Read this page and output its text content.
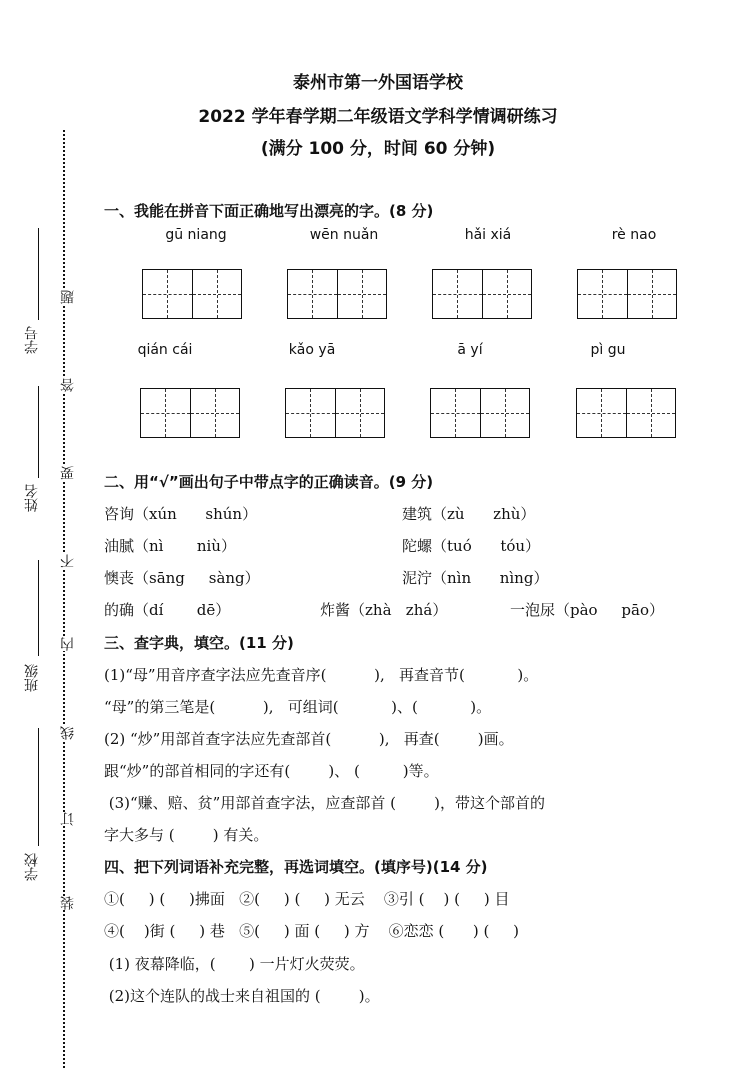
泰州市第一外国语学校
2022 学年春学期二年级语文学科学情调研练习
(满分 100 分，时间 60 分钟)
学号
姓名
班级
学校
题
答
要
不
内
线
订
装
一、我能在拼音下面正确地写出漂亮的字。(8 分)
gū niang	wēn nuǎn	hǎi xiá	rè nao
qián cái	kǎo yā	ā yí	pì gu
二、用“√”画出句子中带点字的正确读音。(9 分)
咨询（xún      shún）	建筑（zù      zhù）
油腻（nì       niù）	陀螺（tuó      tóu）
懊丧（sāng     sàng）	泥泞（nìn      nìng）
的确（dí       dē）	炸酱（zhà   zhá）	一泡尿（pào     pāo）
三、查字典，填空。(11 分)
(1)“母”用音序查字法应先查音序(          ),   再查音节(           )。
“母”的第三笔是(          ),   可组词(           )、(           )。
(2) “炒”用部首查字法应先查部首(          ),   再查(        )画。
跟“炒”的部首相同的字还有(        )、 (         )等。
(3)“赚、赔、贫”用部首查字法，应查部首 (        )，带这个部首的
字大多与 (        ) 有关。
四、把下列词语补充完整，再选词填空。(填序号)(14 分)
①(     ) (     )拂面   ②(     ) (     ) 无云    ③引 (    ) (     ) 目
④(    )街 (     ) 巷   ⑤(     ) 面 (     ) 方    ⑥恋恋 (      ) (     )
(1) 夜幕降临，(       ) 一片灯火荧荧。
(2)这个连队的战士来自祖国的 (        )。
